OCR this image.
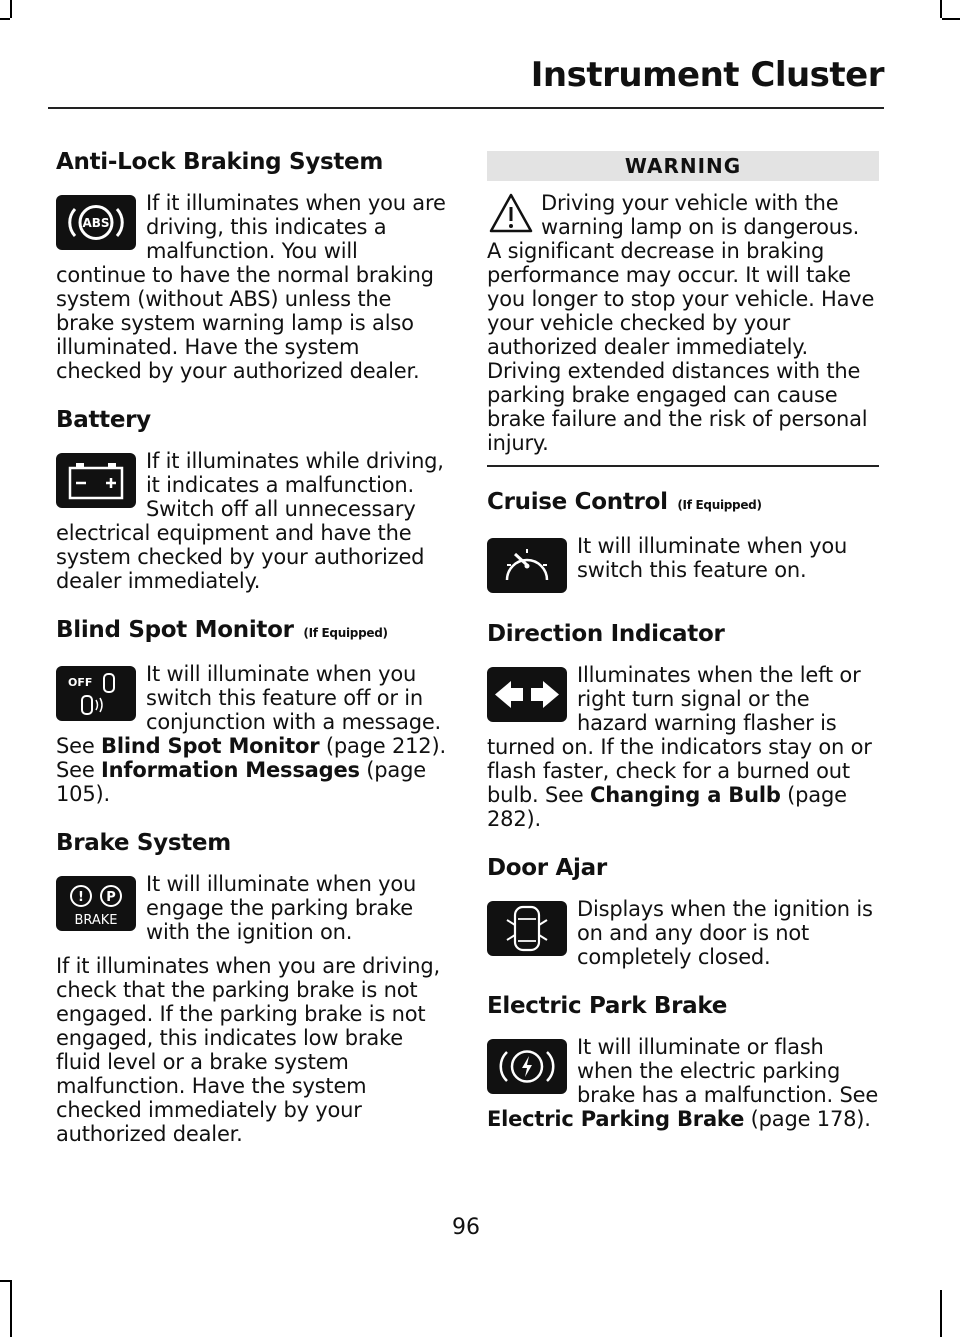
Instrument Cluster
Anti-Lock Braking System
ABS

If it illuminates when you are driving, this indicates a malfunction. You will continue to have the normal braking system (without ABS) unless the brake system warning lamp is also illuminated. Have the system checked by your authorized dealer.

Battery

If it illuminates while driving, it indicates a malfunction. Switch off all unnecessary electrical equipment and have the system checked by your authorized dealer immediately.

Blind Spot Monitor (If Equipped)
OFF	It will illuminate when you switch this feature off or in conjunction with a message. See Blind Spot Monitor (page 212). See Information Messages (page 105).

Brake System
! P
BRAKE

It will illuminate when you engage the parking brake with the ignition on.

If it illuminates when you are driving, check that the parking brake is not engaged. If the parking brake is not engaged, this indicates low brake fluid level or a brake system malfunction. Have the system checked immediately by your authorized dealer.

WARNING

Driving your vehicle with the warning lamp on is dangerous. A significant decrease in braking performance may occur. It will take you longer to stop your vehicle. Have your vehicle checked by your authorized dealer immediately. Driving extended distances with the parking brake engaged can cause brake failure and the risk of personal injury.

Cruise Control (If Equipped)

It will illuminate when you switch this feature on.

Direction Indicator

Illuminates when the left or right turn signal or the hazard warning flasher is turned on. If the indicators stay on or flash faster, check for a burned out bulb. See Changing a Bulb (page 282).

Door Ajar

Displays when the ignition is on and any door is not completely closed.

Electric Park Brake

It will illuminate or flash when the electric parking brake has a malfunction. See Electric Parking Brake (page 178).

96
